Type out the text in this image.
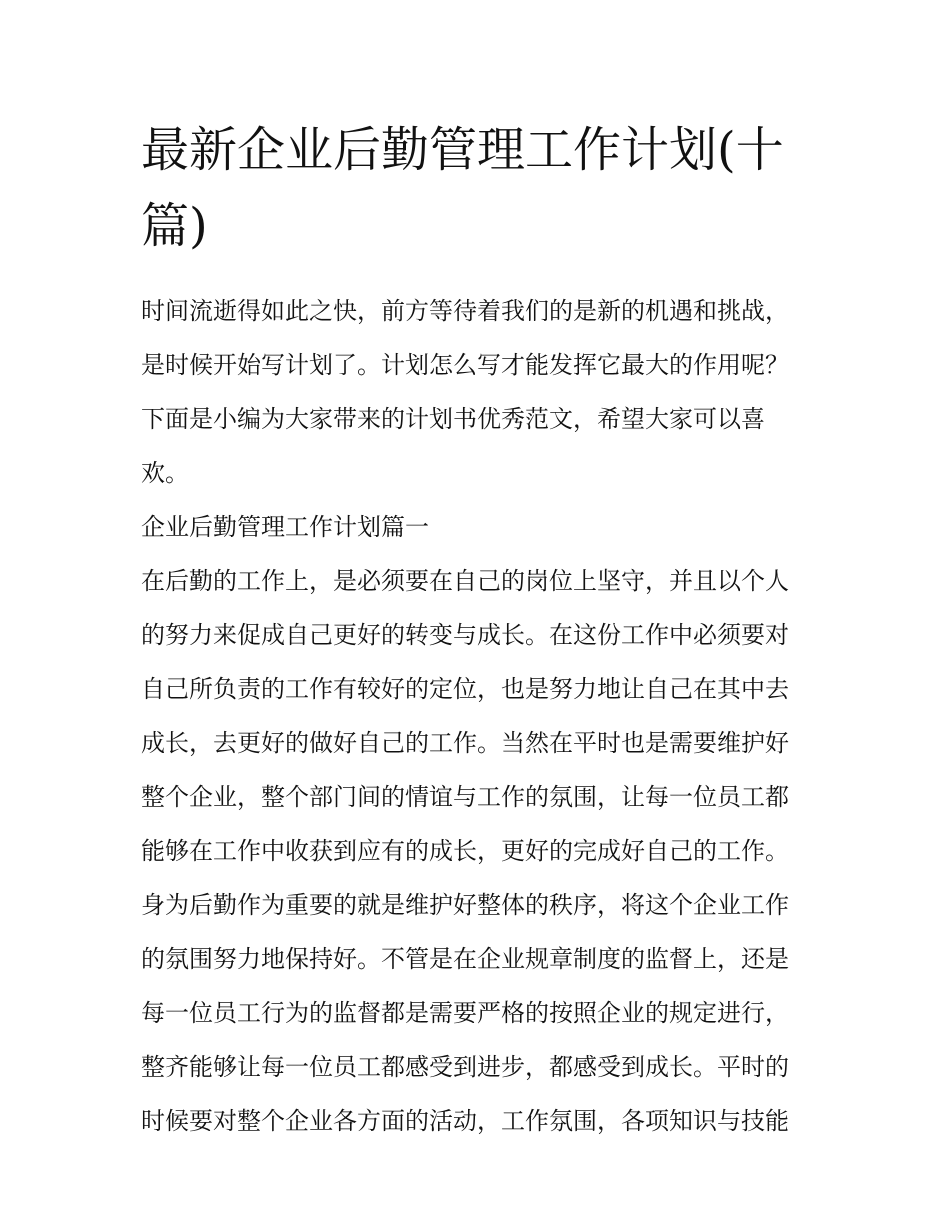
最新企业后勤管理工作计划(十
篇)

时间流逝得如此之快，前方等待着我们的是新的机遇和挑战，

是时候开始写计划了。计划怎么写才能发挥它最大的作用呢？

下面是小编为大家带来的计划书优秀范文，希望大家可以喜

欢。

企业后勤管理工作计划篇一

在后勤的工作上，是必须要在自己的岗位上坚守，并且以个人

的努力来促成自己更好的转变与成长。在这份工作中必须要对

自己所负责的工作有较好的定位，也是努力地让自己在其中去

成长，去更好的做好自己的工作。当然在平时也是需要维护好

整个企业，整个部门间的情谊与工作的氛围，让每一位员工都

能够在工作中收获到应有的成长，更好的完成好自己的工作。

身为后勤作为重要的就是维护好整体的秩序，将这个企业工作

的氛围努力地保持好。不管是在企业规章制度的监督上，还是

每一位员工行为的监督都是需要严格的按照企业的规定进行，

整齐能够让每一位员工都感受到进步，都感受到成长。平时的

时候要对整个企业各方面的活动，工作氛围，各项知识与技能
